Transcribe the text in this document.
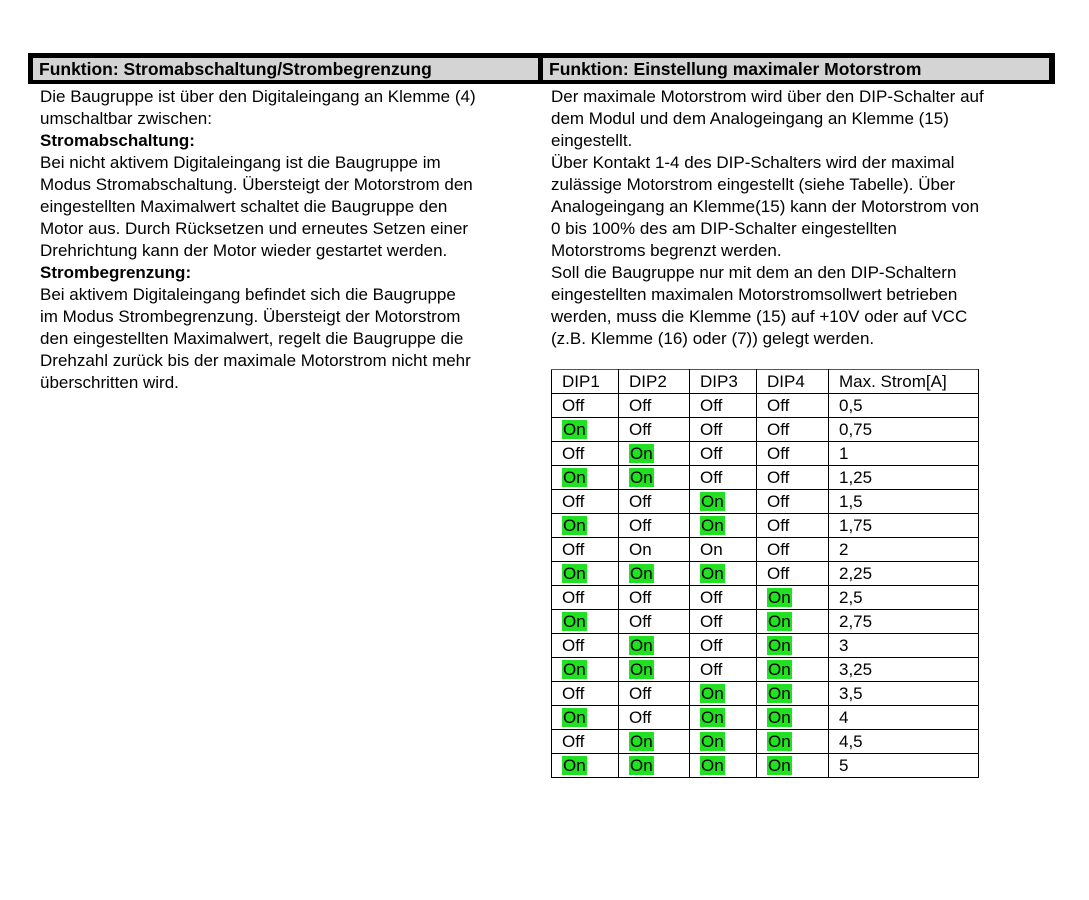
Funktion: Stromabschaltung/Strombegrenzung	Funktion: Einstellung maximaler Motorstrom

Die Baugruppe ist über den Digitaleingang an Klemme (4)

umschaltbar zwischen:

Stromabschaltung:

Bei nicht aktivem Digitaleingang ist die Baugruppe im

Modus Stromabschaltung. Übersteigt der Motorstrom den

eingestellten Maximalwert schaltet die Baugruppe den

Motor aus. Durch Rücksetzen und erneutes Setzen einer

Drehrichtung kann der Motor wieder gestartet werden.

Strombegrenzung:

Bei aktivem Digitaleingang befindet sich die Baugruppe

im Modus Strombegrenzung. Übersteigt der Motorstrom

den eingestellten Maximalwert, regelt die Baugruppe die

Drehzahl zurück bis der maximale Motorstrom nicht mehr

überschritten wird.

Der maximale Motorstrom wird über den DIP-Schalter auf

dem Modul und dem Analogeingang an Klemme (15)

eingestellt.

Über Kontakt 1-4 des DIP-Schalters wird der maximal

zulässige Motorstrom eingestellt (siehe Tabelle). Über

Analogeingang an Klemme(15) kann der Motorstrom von

0 bis 100% des am DIP-Schalter eingestellten

Motorstroms begrenzt werden.

Soll die Baugruppe nur mit dem an den DIP-Schaltern

eingestellten maximalen Motorstromsollwert betrieben

werden, muss die Klemme (15) auf +10V oder auf VCC

(z.B. Klemme (16) oder (7)) gelegt werden.

DIP1	DIP2	DIP3	DIP4	Max. Strom[A]
Off	Off	Off	Off	0,5
On	Off	Off	Off	0,75
Off	On	Off	Off	1
On	On	Off	Off	1,25
Off	Off	On	Off	1,5
On	Off	On	Off	1,75
Off	On	On	Off	2
On	On	On	Off	2,25
Off	Off	Off	On	2,5
On	Off	Off	On	2,75
Off	On	Off	On	3
On	On	Off	On	3,25
Off	Off	On	On	3,5
On	Off	On	On	4
Off	On	On	On	4,5
On	On	On	On	5
